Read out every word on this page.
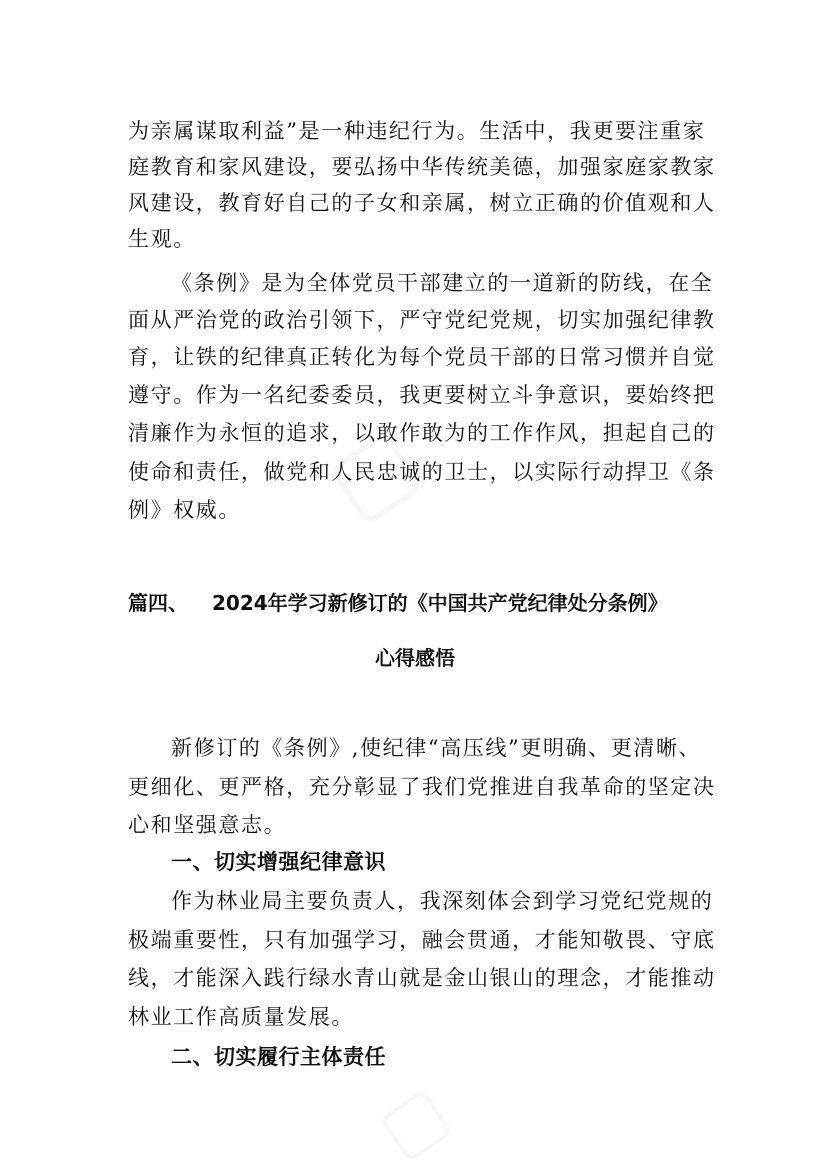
▢
▢
为亲属谋取利益”是一种违纪行为。生活中，我更要注重家
庭教育和家风建设，要弘扬中华传统美德，加强家庭家教家
风建设，教育好自己的子女和亲属，树立正确的价值观和人
生观。
《条例》是为全体党员干部建立的一道新的防线，在全
面从严治党的政治引领下，严守党纪党规，切实加强纪律教
育，让铁的纪律真正转化为每个党员干部的日常习惯并自觉
遵守。作为一名纪委委员，我更要树立斗争意识，要始终把
清廉作为永恒的追求，以敢作敢为的工作作风，担起自己的
使命和责任，做党和人民忠诚的卫士，以实际行动捍卫《条
例》权威。
篇四、 2024年学习新修订的《中国共产党纪律处分条例》
心得感悟
新修订的《条例》,使纪律“高压线”更明确、更清晰、
更细化、更严格，充分彰显了我们党推进自我革命的坚定决
心和坚强意志。
一、切实增强纪律意识
作为林业局主要负责人，我深刻体会到学习党纪党规的
极端重要性，只有加强学习，融会贯通，才能知敬畏、守底
线，才能深入践行绿水青山就是金山银山的理念，才能推动
林业工作高质量发展。
二、切实履行主体责任
